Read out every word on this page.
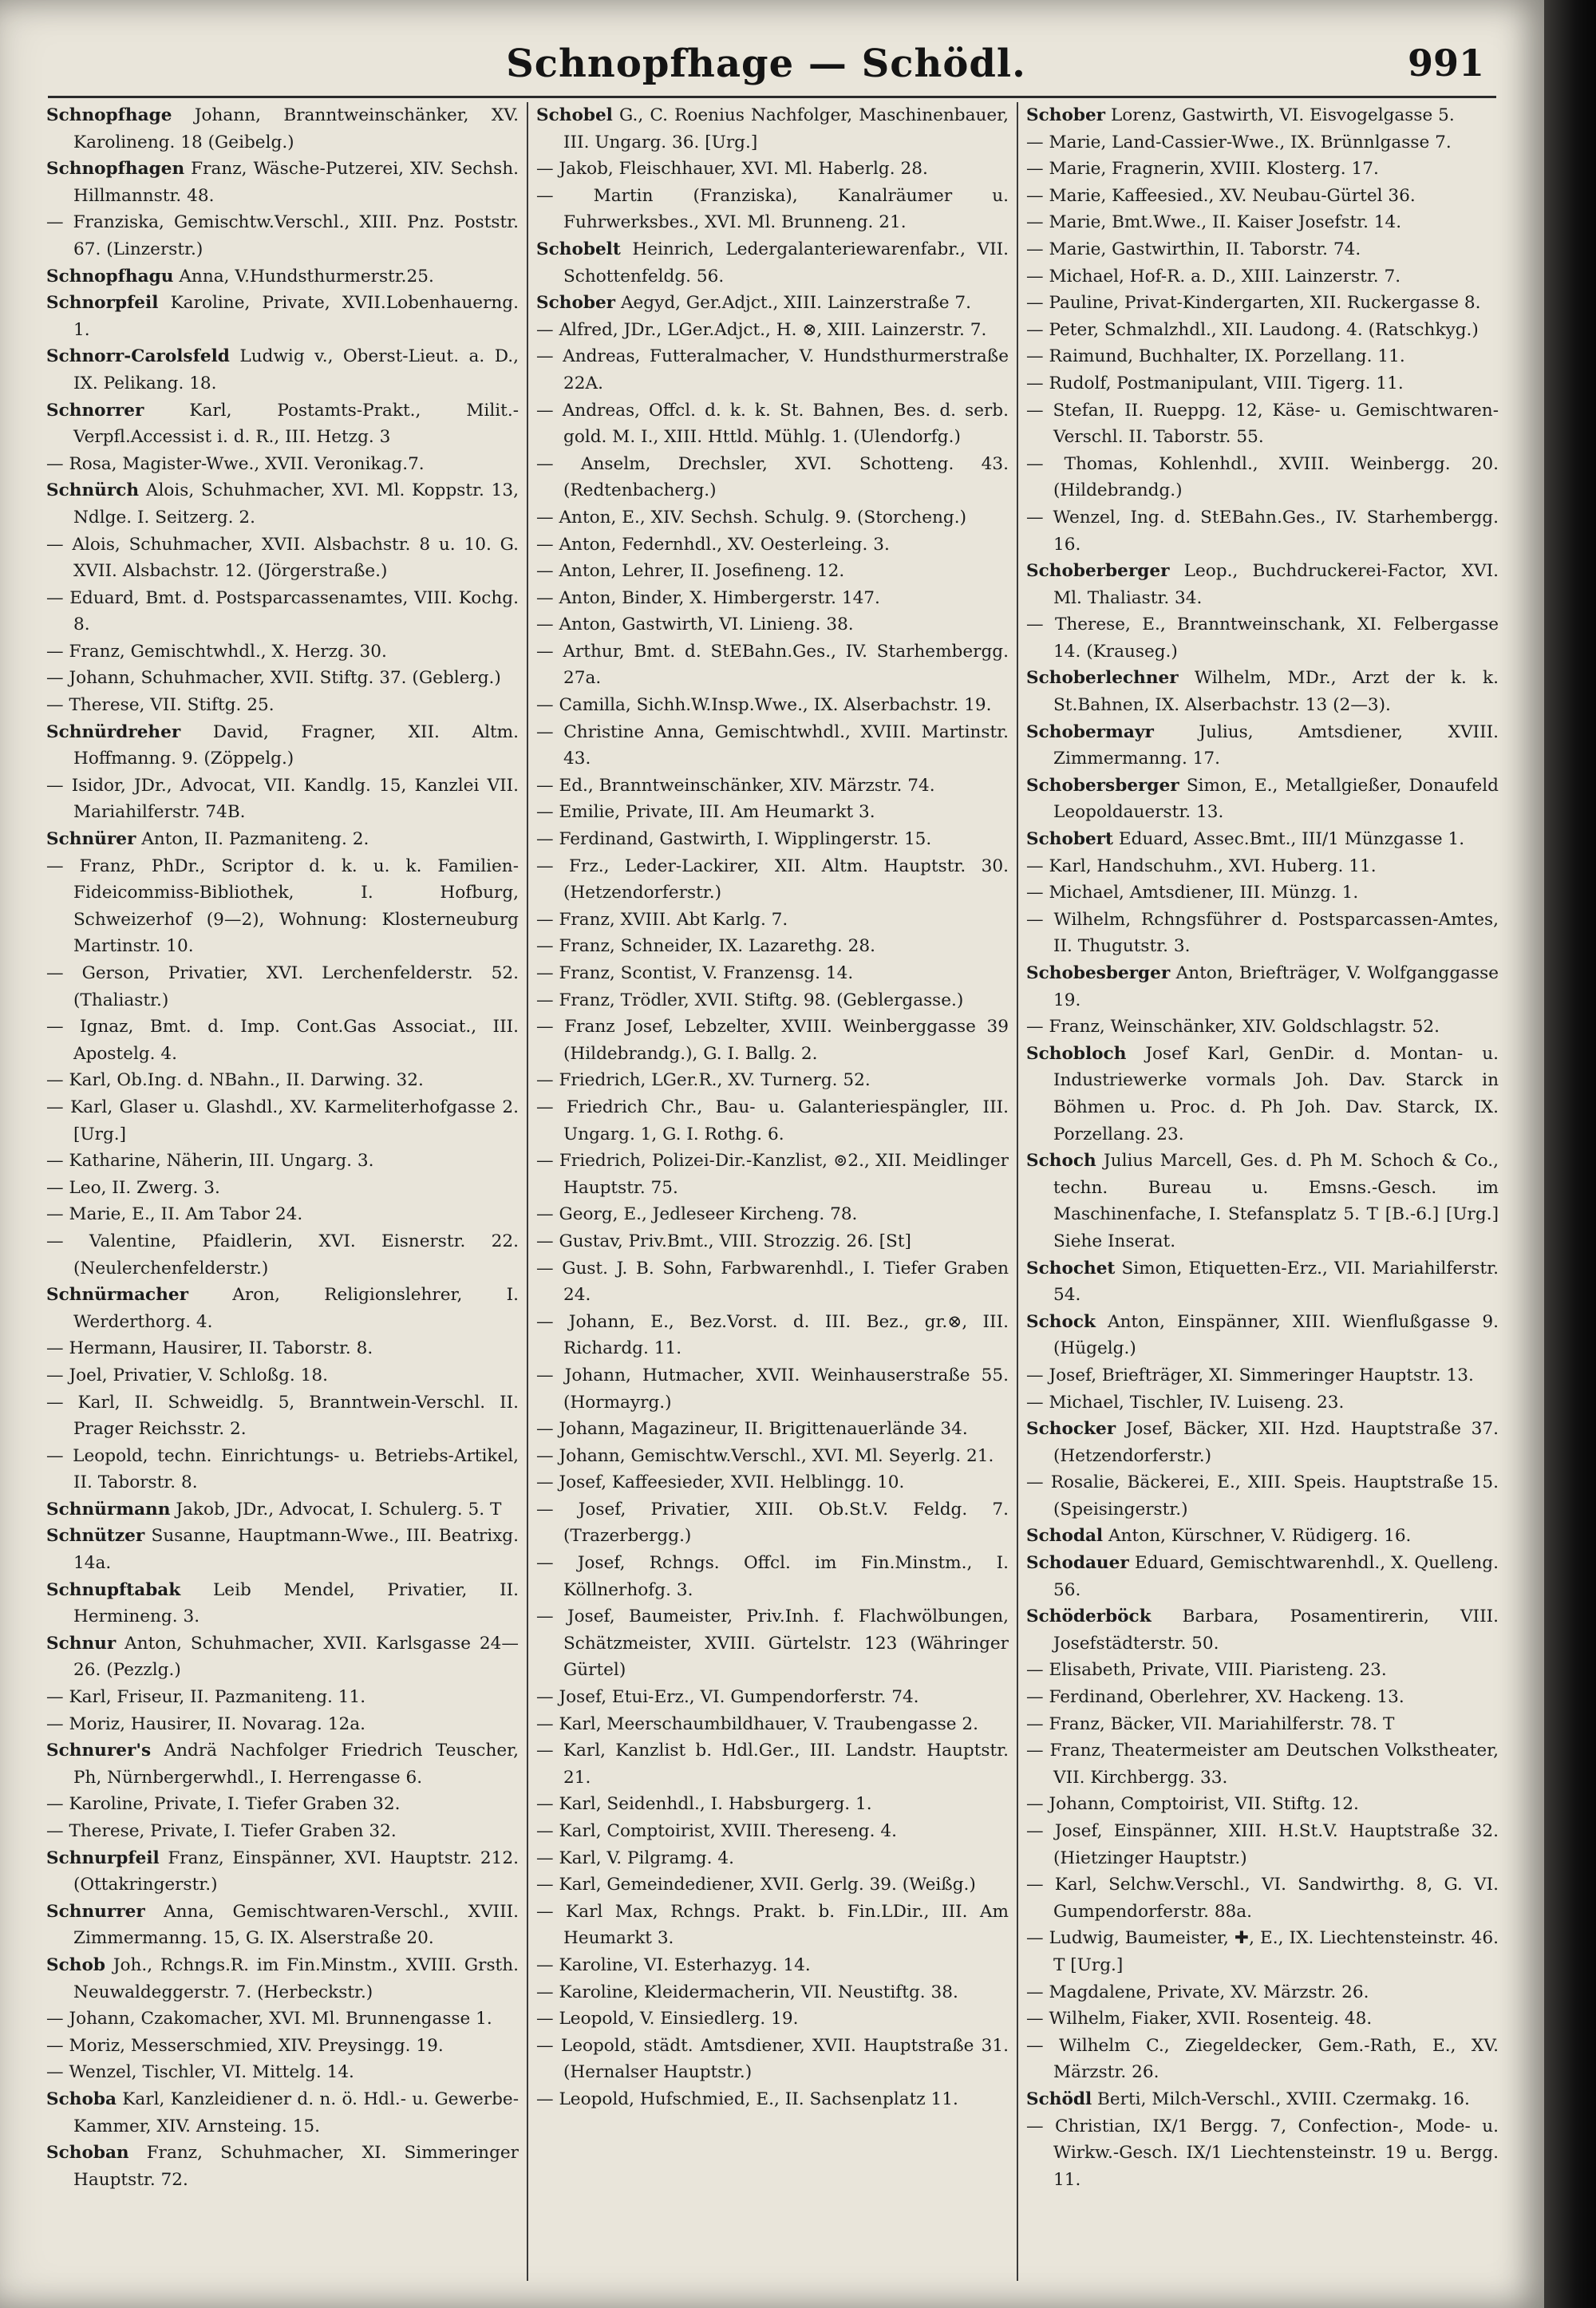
Schnopfhage — Schödl.	991
Schnopfhage Johann, Branntweinschänker, XV. Karolineng. 18 (Geibelg.)
Schnopfhagen Franz, Wäsche-Putzerei, XIV. Sechsh. Hillmannstr. 48.
— Franziska, Gemischtw.Verschl., XIII. Pnz. Poststr. 67. (Linzerstr.)
Schnopfhagu Anna, V.Hundsthurmerstr.25.
Schnorpfeil Karoline, Private, XVII.Lobenhauerng. 1.
Schnorr-Carolsfeld Ludwig v., Oberst-Lieut. a. D., IX. Pelikang. 18.
Schnorrer	Karl, Postamts-Prakt., Milit.-Verpfl.Accessist i. d. R., III. Hetzg. 3
— Rosa, Magister-Wwe., XVII. Veronikag.7.
Schnürch Alois, Schuhmacher, XVI. Ml. Koppstr. 13, Ndlge. I. Seitzerg. 2.
— Alois, Schuhmacher, XVII. Alsbachstr. 8 u. 10. G. XVII. Alsbachstr. 12. (Jörgerstraße.)
— Eduard, Bmt. d. Postsparcassenamtes, VIII. Kochg. 8.
— Franz, Gemischtwhdl., X. Herzg. 30.
— Johann, Schuhmacher, XVII. Stiftg. 37. (Geblerg.)
— Therese, VII. Stiftg. 25.
Schnürdreher David, Fragner, XII. Altm. Hoffmanng. 9. (Zöppelg.)
— Isidor, JDr., Advocat, VII. Kandlg. 15, Kanzlei VII. Mariahilferstr. 74B.
Schnürer Anton, II. Pazmaniteng. 2.
— Franz, PhDr., Scriptor d. k. u. k. Familien-Fideicommiss-Bibliothek, I. Hofburg, Schweizerhof (9—2), Wohnung: Klosterneuburg Martinstr. 10.
— Gerson, Privatier, XVI. Lerchenfelderstr. 52. (Thaliastr.)
— Ignaz, Bmt. d. Imp. Cont.Gas Associat., III. Apostelg. 4.
— Karl, Ob.Ing. d. NBahn., II. Darwing. 32.
— Karl, Glaser u. Glashdl., XV. Karmeliterhofgasse 2. [Urg.]
— Katharine, Näherin, III. Ungarg. 3.
— Leo, II. Zwerg. 3.
— Marie, E., II. Am Tabor 24.
— Valentine, Pfaidlerin, XVI. Eisnerstr. 22. (Neulerchenfelderstr.)
Schnürmacher	Aron, Religionslehrer, I. Werderthorg. 4.
— Hermann, Hausirer, II. Taborstr. 8.
— Joel, Privatier, V. Schloßg. 18.
— Karl, II. Schweidlg. 5, Branntwein-Verschl. II. Prager Reichsstr. 2.
— Leopold, techn. Einrichtungs- u. Betriebs-Artikel, II. Taborstr. 8.
Schnürmann Jakob, JDr., Advocat, I. Schulerg. 5. T
Schnützer Susanne, Hauptmann-Wwe., III. Beatrixg. 14a.
Schnupftabak Leib Mendel, Privatier, II. Hermineng. 3.
Schnur Anton, Schuhmacher, XVII. Karlsgasse 24—26. (Pezzlg.)
— Karl, Friseur, II. Pazmaniteng. 11.
— Moriz, Hausirer, II. Novarag. 12a.
Schnurer's Andrä Nachfolger Friedrich Teuscher, Ph, Nürnbergerwhdl., I. Herrengasse 6.
— Karoline, Private, I. Tiefer Graben 32.
— Therese, Private, I. Tiefer Graben 32.
Schnurpfeil Franz, Einspänner, XVI. Hauptstr. 212. (Ottakringerstr.)
Schnurrer Anna, Gemischtwaren-Verschl., XVIII. Zimmermanng. 15, G. IX. Alserstraße 20.
Schob Joh., Rchngs.R. im Fin.Minstm., XVIII. Grsth. Neuwaldeggerstr. 7. (Herbeckstr.)
— Johann, Czakomacher, XVI. Ml. Brunnengasse 1.
— Moriz, Messerschmied, XIV. Preysingg. 19.
— Wenzel, Tischler, VI. Mittelg. 14.
Schoba Karl, Kanzleidiener d. n. ö. Hdl.- u. Gewerbe-Kammer, XIV. Arnsteing. 15.
Schoban Franz, Schuhmacher, XI. Simmeringer Hauptstr. 72.
Schobel G., C. Roenius Nachfolger, Maschinenbauer, III. Ungarg. 36. [Urg.]
— Jakob, Fleischhauer, XVI. Ml. Haberlg. 28.
— Martin (Franziska), Kanalräumer u. Fuhrwerksbes., XVI. Ml. Brunneng. 21.
Schobelt Heinrich, Ledergalanteriewarenfabr., VII. Schottenfeldg. 56.
Schober Aegyd, Ger.Adjct., XIII. Lainzerstraße 7.
— Alfred, JDr., LGer.Adjct., H. ⊗, XIII. Lainzerstr. 7.
— Andreas, Futteralmacher, V. Hundsthurmerstraße 22A.
— Andreas, Offcl. d. k. k. St. Bahnen, Bes. d. serb. gold. M. I., XIII. Httld. Mühlg. 1. (Ulendorfg.)
— Anselm, Drechsler, XVI. Schotteng. 43. (Redtenbacherg.)
— Anton, E., XIV. Sechsh. Schulg. 9. (Storcheng.)
— Anton, Federnhdl., XV. Oesterleing. 3.
— Anton, Lehrer, II. Josefineng. 12.
— Anton, Binder, X. Himbergerstr. 147.
— Anton, Gastwirth, VI. Linieng. 38.
— Arthur, Bmt. d. StEBahn.Ges., IV. Starhembergg. 27a.
— Camilla, Sichh.W.Insp.Wwe., IX. Alserbachstr. 19.
— Christine Anna, Gemischtwhdl., XVIII. Martinstr. 43.
— Ed., Branntweinschänker, XIV. Märzstr. 74.
— Emilie, Private, III. Am Heumarkt 3.
— Ferdinand, Gastwirth, I. Wipplingerstr. 15.
— Frz., Leder-Lackirer, XII. Altm. Hauptstr. 30. (Hetzendorferstr.)
— Franz, XVIII. Abt Karlg. 7.
— Franz, Schneider, IX. Lazarethg. 28.
— Franz, Scontist, V. Franzensg. 14.
— Franz, Trödler, XVII. Stiftg. 98. (Geblergasse.)
— Franz Josef, Lebzelter, XVIII. Weinberggasse 39 (Hildebrandg.), G. I. Ballg. 2.
— Friedrich, LGer.R., XV. Turnerg. 52.
— Friedrich Chr., Bau- u. Galanteriespängler, III. Ungarg. 1, G. I. Rothg. 6.
— Friedrich, Polizei-Dir.-Kanzlist, ⊚2., XII. Meidlinger Hauptstr. 75.
— Georg, E., Jedleseer Kircheng. 78.
— Gustav, Priv.Bmt., VIII. Strozzig. 26. [St]
— Gust. J. B. Sohn, Farbwarenhdl., I. Tiefer Graben 24.
— Johann, E., Bez.Vorst. d. III. Bez., gr.⊗, III. Richardg. 11.
— Johann, Hutmacher, XVII. Weinhauserstraße 55. (Hormayrg.)
— Johann, Magazineur, II. Brigittenauerlände 34.
— Johann, Gemischtw.Verschl., XVI. Ml. Seyerlg. 21.
— Josef, Kaffeesieder, XVII. Helblingg. 10.
— Josef, Privatier, XIII. Ob.St.V. Feldg. 7. (Trazerbergg.)
— Josef, Rchngs. Offcl. im Fin.Minstm., I. Köllnerhofg. 3.
— Josef, Baumeister, Priv.Inh. f. Flachwölbungen, Schätzmeister, XVIII. Gürtelstr. 123 (Währinger Gürtel)
— Josef, Etui-Erz., VI. Gumpendorferstr. 74.
— Karl, Meerschaumbildhauer, V. Traubengasse 2.
— Karl, Kanzlist b. Hdl.Ger., III. Landstr. Hauptstr. 21.
— Karl, Seidenhdl., I. Habsburgerg. 1.
— Karl, Comptoirist, XVIII. Thereseng. 4.
— Karl, V. Pilgramg. 4.
— Karl, Gemeindediener, XVII. Gerlg. 39. (Weißg.)
— Karl Max, Rchngs. Prakt. b. Fin.LDir., III. Am Heumarkt 3.
— Karoline, VI. Esterhazyg. 14.
— Karoline, Kleidermacherin, VII. Neustiftg. 38.
— Leopold, V. Einsiedlerg. 19.
— Leopold, städt. Amtsdiener, XVII. Hauptstraße 31. (Hernalser Hauptstr.)
— Leopold, Hufschmied, E., II. Sachsenplatz 11.
Schober Lorenz, Gastwirth, VI. Eisvogelgasse 5.
— Marie, Land-Cassier-Wwe., IX. Brünnlgasse 7.
— Marie, Fragnerin, XVIII. Klosterg. 17.
— Marie, Kaffeesied., XV. Neubau-Gürtel 36.
— Marie, Bmt.Wwe., II. Kaiser Josefstr. 14.
— Marie, Gastwirthin, II. Taborstr. 74.
— Michael, Hof-R. a. D., XIII. Lainzerstr. 7.
— Pauline, Privat-Kindergarten, XII. Ruckergasse 8.
— Peter, Schmalzhdl., XII. Laudong. 4. (Ratschkyg.)
— Raimund, Buchhalter, IX. Porzellang. 11.
— Rudolf, Postmanipulant, VIII. Tigerg. 11.
— Stefan, II. Rueppg. 12, Käse- u. Gemischtwaren-Verschl. II. Taborstr. 55.
— Thomas, Kohlenhdl., XVIII. Weinbergg. 20. (Hildebrandg.)
— Wenzel, Ing. d. StEBahn.Ges., IV. Starhembergg. 16.
Schoberberger Leop., Buchdruckerei-Factor, XVI. Ml. Thaliastr. 34.
— Therese, E., Branntweinschank, XI. Felbergasse 14. (Krauseg.)
Schoberlechner Wilhelm, MDr., Arzt der k. k. St.Bahnen, IX. Alserbachstr. 13 (2—3).
Schobermayr	Julius, Amtsdiener, XVIII. Zimmermanng. 17.
Schobersberger Simon, E., Metallgießer, Donaufeld Leopoldauerstr. 13.
Schobert Eduard, Assec.Bmt., III/1 Münzgasse 1.
— Karl, Handschuhm., XVI. Huberg. 11.
— Michael, Amtsdiener, III. Münzg. 1.
— Wilhelm, Rchngsführer d. Postsparcassen-Amtes, II. Thugutstr. 3.
Schobesberger Anton, Briefträger, V. Wolfganggasse 19.
— Franz, Weinschänker, XIV. Goldschlagstr. 52.
Schobloch Josef Karl, GenDir. d. Montan- u. Industriewerke vormals Joh. Dav. Starck in Böhmen u. Proc. d. Ph Joh. Dav. Starck, IX. Porzellang. 23.
Schoch Julius Marcell, Ges. d. Ph M. Schoch & Co., techn. Bureau u. Emsns.-Gesch. im Maschinenfache, I. Stefansplatz 5. T [B.-6.] [Urg.] Siehe Inserat.
Schochet Simon, Etiquetten-Erz., VII. Mariahilferstr. 54.
Schock Anton, Einspänner, XIII. Wienflußgasse 9. (Hügelg.)
— Josef, Briefträger, XI. Simmeringer Hauptstr. 13.
— Michael, Tischler, IV. Luiseng. 23.
Schocker Josef, Bäcker, XII. Hzd. Hauptstraße 37. (Hetzendorferstr.)
— Rosalie, Bäckerei, E., XIII. Speis. Hauptstraße 15. (Speisingerstr.)
Schodal Anton, Kürschner, V. Rüdigerg. 16.
Schodauer Eduard, Gemischtwarenhdl., X. Quelleng. 56.
Schöderböck Barbara, Posamentirerin, VIII. Josefstädterstr. 50.
— Elisabeth, Private, VIII. Piaristeng. 23.
— Ferdinand, Oberlehrer, XV. Hackeng. 13.
— Franz, Bäcker, VII. Mariahilferstr. 78. T
— Franz, Theatermeister am Deutschen Volkstheater, VII. Kirchbergg. 33.
— Johann, Comptoirist, VII. Stiftg. 12.
— Josef, Einspänner, XIII. H.St.V. Hauptstraße 32. (Hietzinger Hauptstr.)
— Karl, Selchw.Verschl., VI. Sandwirthg. 8, G. VI. Gumpendorferstr. 88a.
— Ludwig, Baumeister, ✚, E., IX. Liechtensteinstr. 46. T [Urg.]
— Magdalene, Private, XV. Märzstr. 26.
— Wilhelm, Fiaker, XVII. Rosenteig. 48.
— Wilhelm C., Ziegeldecker, Gem.-Rath, E., XV. Märzstr. 26.
Schödl Berti, Milch-Verschl., XVIII. Czermakg. 16.
— Christian, IX/1 Bergg. 7, Confection-, Mode- u. Wirkw.-Gesch. IX/1 Liechtensteinstr. 19 u. Bergg. 11.
